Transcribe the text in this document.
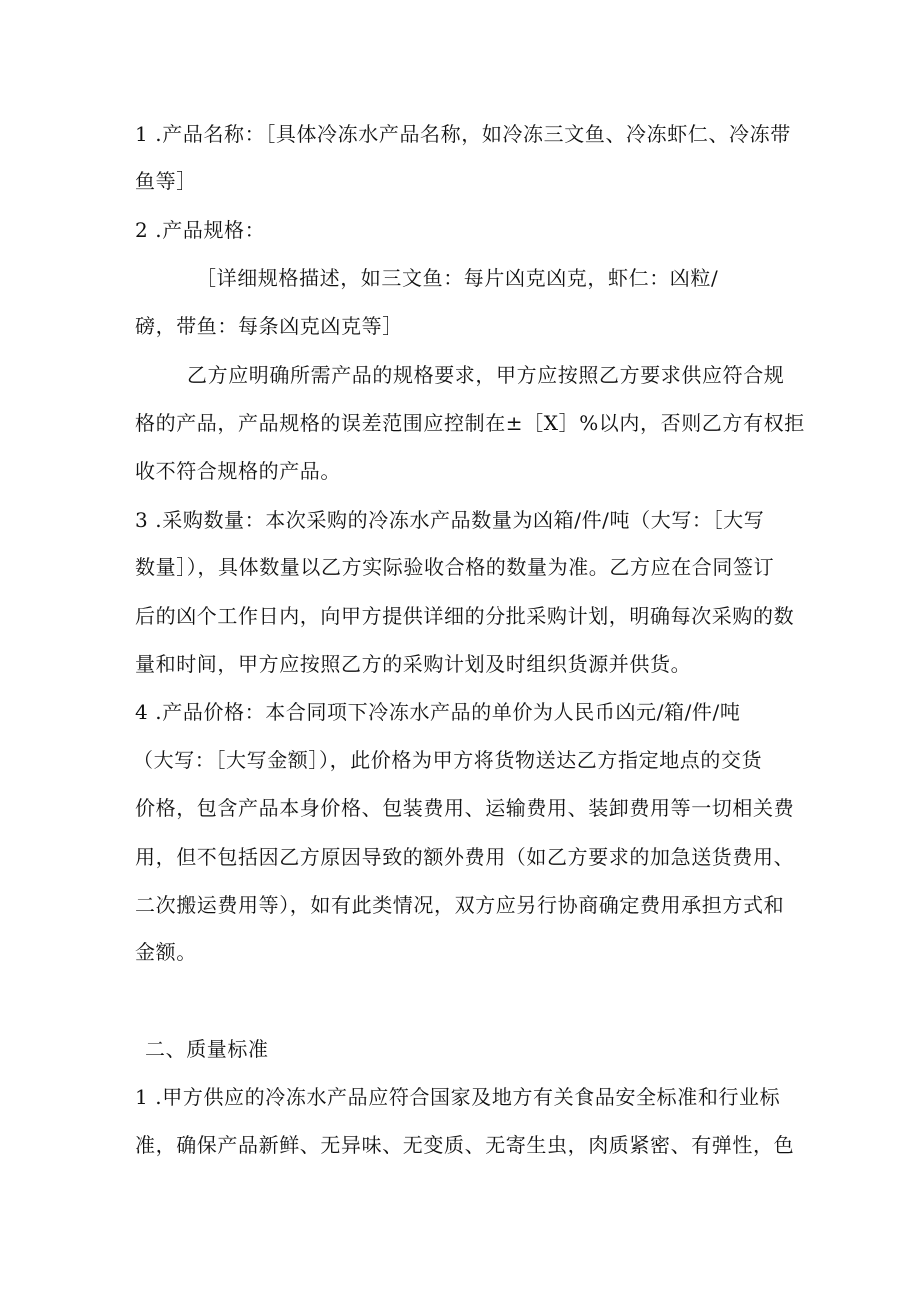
1 .产品名称：［具体冷冻水产品名称，如冷冻三文鱼、冷冻虾仁、冷冻带
鱼等］
2 .产品规格：
［详细规格描述，如三文鱼：每片凶克凶克，虾仁：凶粒/
磅，带鱼：每条凶克凶克等］
乙方应明确所需产品的规格要求，甲方应按照乙方要求供应符合规
格的产品，产品规格的误差范围应控制在±［X］%以内，否则乙方有权拒
收不符合规格的产品。
3 .采购数量：本次采购的冷冻水产品数量为凶箱/件/吨（大写：［大写
数量］），具体数量以乙方实际验收合格的数量为准。乙方应在合同签订
后的凶个工作日内，向甲方提供详细的分批采购计划，明确每次采购的数
量和时间，甲方应按照乙方的采购计划及时组织货源并供货。
4 .产品价格：本合同项下冷冻水产品的单价为人民币凶元/箱/件/吨
（大写：［大写金额］），此价格为甲方将货物送达乙方指定地点的交货
价格，包含产品本身价格、包装费用、运输费用、装卸费用等一切相关费
用，但不包括因乙方原因导致的额外费用（如乙方要求的加急送货费用、
二次搬运费用等），如有此类情况，双方应另行协商确定费用承担方式和
金额。
二、质量标准
1 .甲方供应的冷冻水产品应符合国家及地方有关食品安全标准和行业标
准，确保产品新鲜、无异味、无变质、无寄生虫，肉质紧密、有弹性，色
